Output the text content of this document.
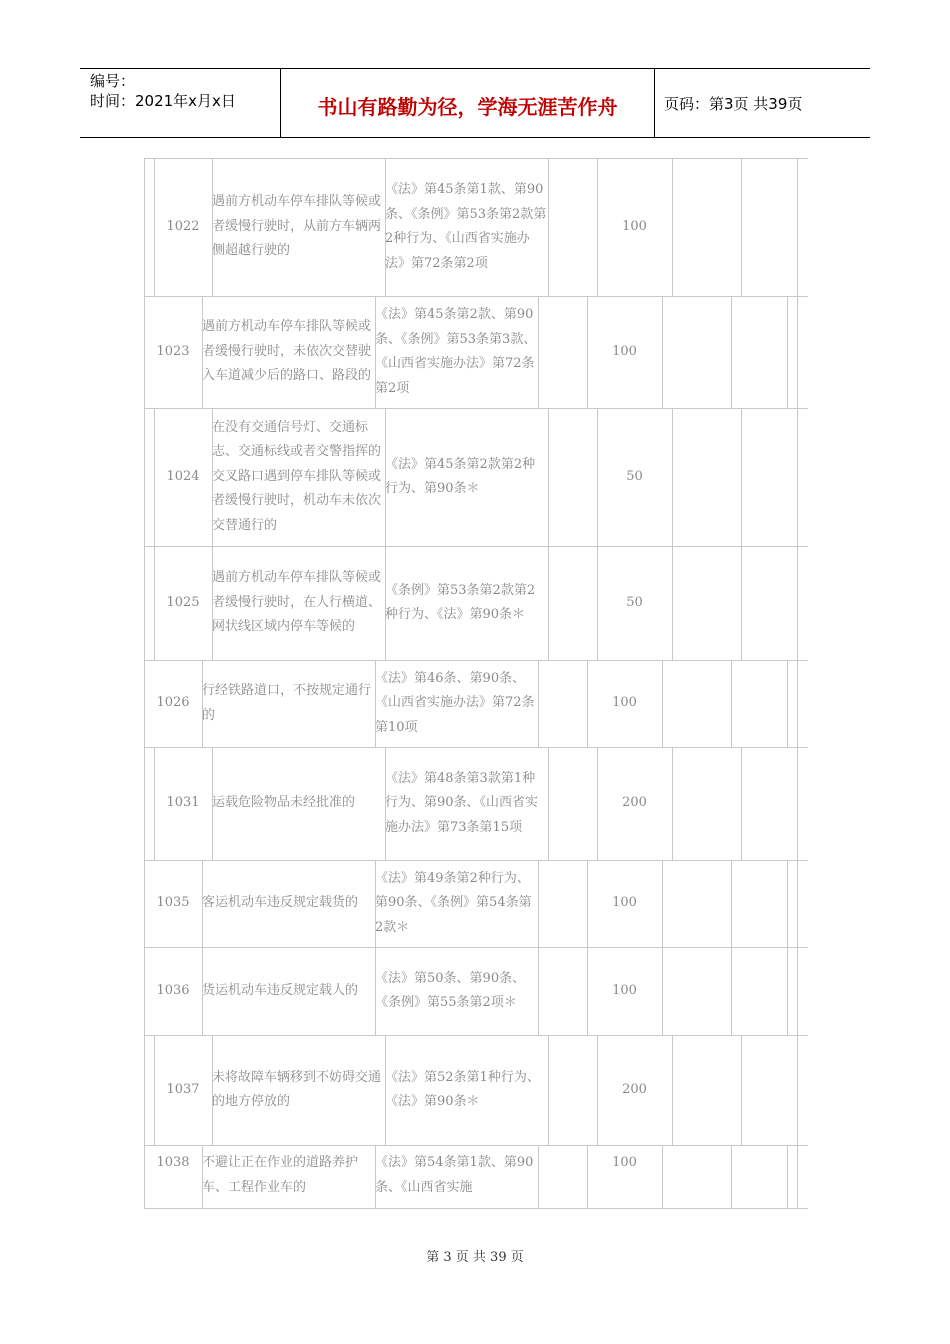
编号：
时间：2021年x月x日	书山有路勤为径，学海无涯苦作舟	页码：第3页 共39页
1022
遇前方机动车停车排队等候或者缓慢行驶时，从前方车辆两侧超越行驶的
《法》第45条第1款、第90条、《条例》第53条第2款第2种行为、《山西省实施办法》第72条第2项
100
1023
遇前方机动车停车排队等候或者缓慢行驶时，未依次交替驶入车道减少后的路口、路段的
《法》第45条第2款、第90条、《条例》第53条第3款、《山西省实施办法》第72条第2项
100
1024
在没有交通信号灯、交通标志、交通标线或者交警指挥的交叉路口遇到停车排队等候或者缓慢行驶时，机动车未依次交替通行的
《法》第45条第2款第2种行为、第90条＊
50
1025
遇前方机动车停车排队等候或者缓慢行驶时，在人行横道、网状线区域内停车等候的
《条例》第53条第2款第2种行为、《法》第90条＊
50
1026
行经铁路道口，不按规定通行的
《法》第46条、第90条、《山西省实施办法》第72条第10项
100
1031 运载危险物品未经批准的
《法》第48条第3款第1种行为、第90条、《山西省实施办法》第73条第15项
200
1035 客运机动车违反规定载货的
《法》第49条第2种行为、第90条、《条例》第54条第2款＊
100
1036 货运机动车违反规定载人的
《法》第50条、第90条、《条例》第55条第2项＊
100
1037
未将故障车辆移到不妨碍交通的地方停放的
《法》第52条第1种行为、《法》第90条＊
200
1038 不避让正在作业的道路养护车、工程作业车的
《法》第54条第1款、第90条、《山西省实施
100
第 3 页 共 39 页
